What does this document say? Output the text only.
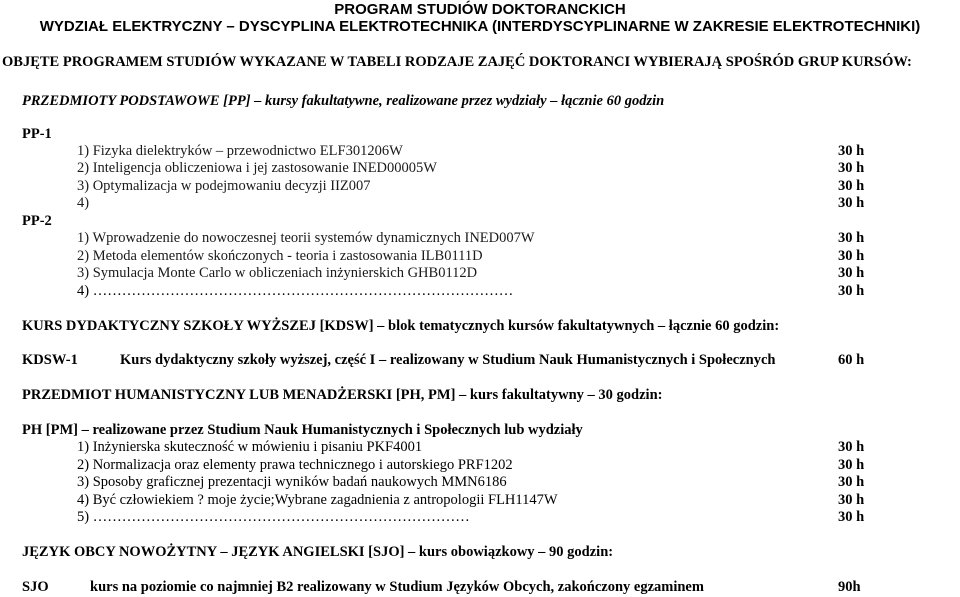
PROGRAM STUDIÓW DOKTORANCKICH
WYDZIAŁ ELEKTRYCZNY – DYSCYPLINA ELEKTROTECHNIKA (INTERDYSCYPLINARNE W ZAKRESIE ELEKTROTECHNIKI)
OBJĘTE PROGRAMEM STUDIÓW WYKAZANE W TABELI RODZAJE ZAJĘĆ DOKTORANCI WYBIERAJĄ SPOŚRÓD GRUP KURSÓW:
PRZEDMIOTY PODSTAWOWE [PP] – kursy fakultatywne, realizowane przez wydziały – łącznie 60 godzin
PP-1
1) Fizyka dielektryków – przewodnictwo ELF301206W	30 h
2) Inteligencja obliczeniowa i jej zastosowanie INED00005W	30 h
3) Optymalizacja w podejmowaniu decyzji IIZ007	30 h
4)	30 h
PP-2
1) Wprowadzenie do nowoczesnej teorii systemów dynamicznych INED007W	30 h
2) Metoda elementów skończonych - teoria i zastosowania ILB0111D	30 h
3) Symulacja Monte Carlo w obliczeniach inżynierskich GHB0112D	30 h
4) ……………………………………………………………………………	30 h
KURS DYDAKTYCZNY SZKOŁY WYŻSZEJ [KDSW] – blok tematycznych kursów fakultatywnych – łącznie 60 godzin:
KDSW-1	Kurs dydaktyczny szkoły wyższej, część I – realizowany w Studium Nauk Humanistycznych i Społecznych	60 h
PRZEDMIOT HUMANISTYCZNY LUB MENADŻERSKI [PH, PM] – kurs fakultatywny – 30 godzin:
PH [PM] – realizowane przez Studium Nauk Humanistycznych i Społecznych lub wydziały
1) Inżynierska skuteczność w mówieniu i pisaniu PKF4001	30 h
2) Normalizacja oraz elementy prawa technicznego i autorskiego PRF1202	30 h
3) Sposoby graficznej prezentacji wyników badań naukowych MMN6186	30 h
4) Być człowiekiem ? moje życie;Wybrane zagadnienia z antropologii FLH1147W	30 h
5) ……………………………………………………………………	30 h
JĘZYK OBCY NOWOŻYTNY – JĘZYK ANGIELSKI [SJO] – kurs obowiązkowy – 90 godzin:
SJO	kurs na poziomie co najmniej B2 realizowany w Studium Języków Obcych, zakończony egzaminem	90h
